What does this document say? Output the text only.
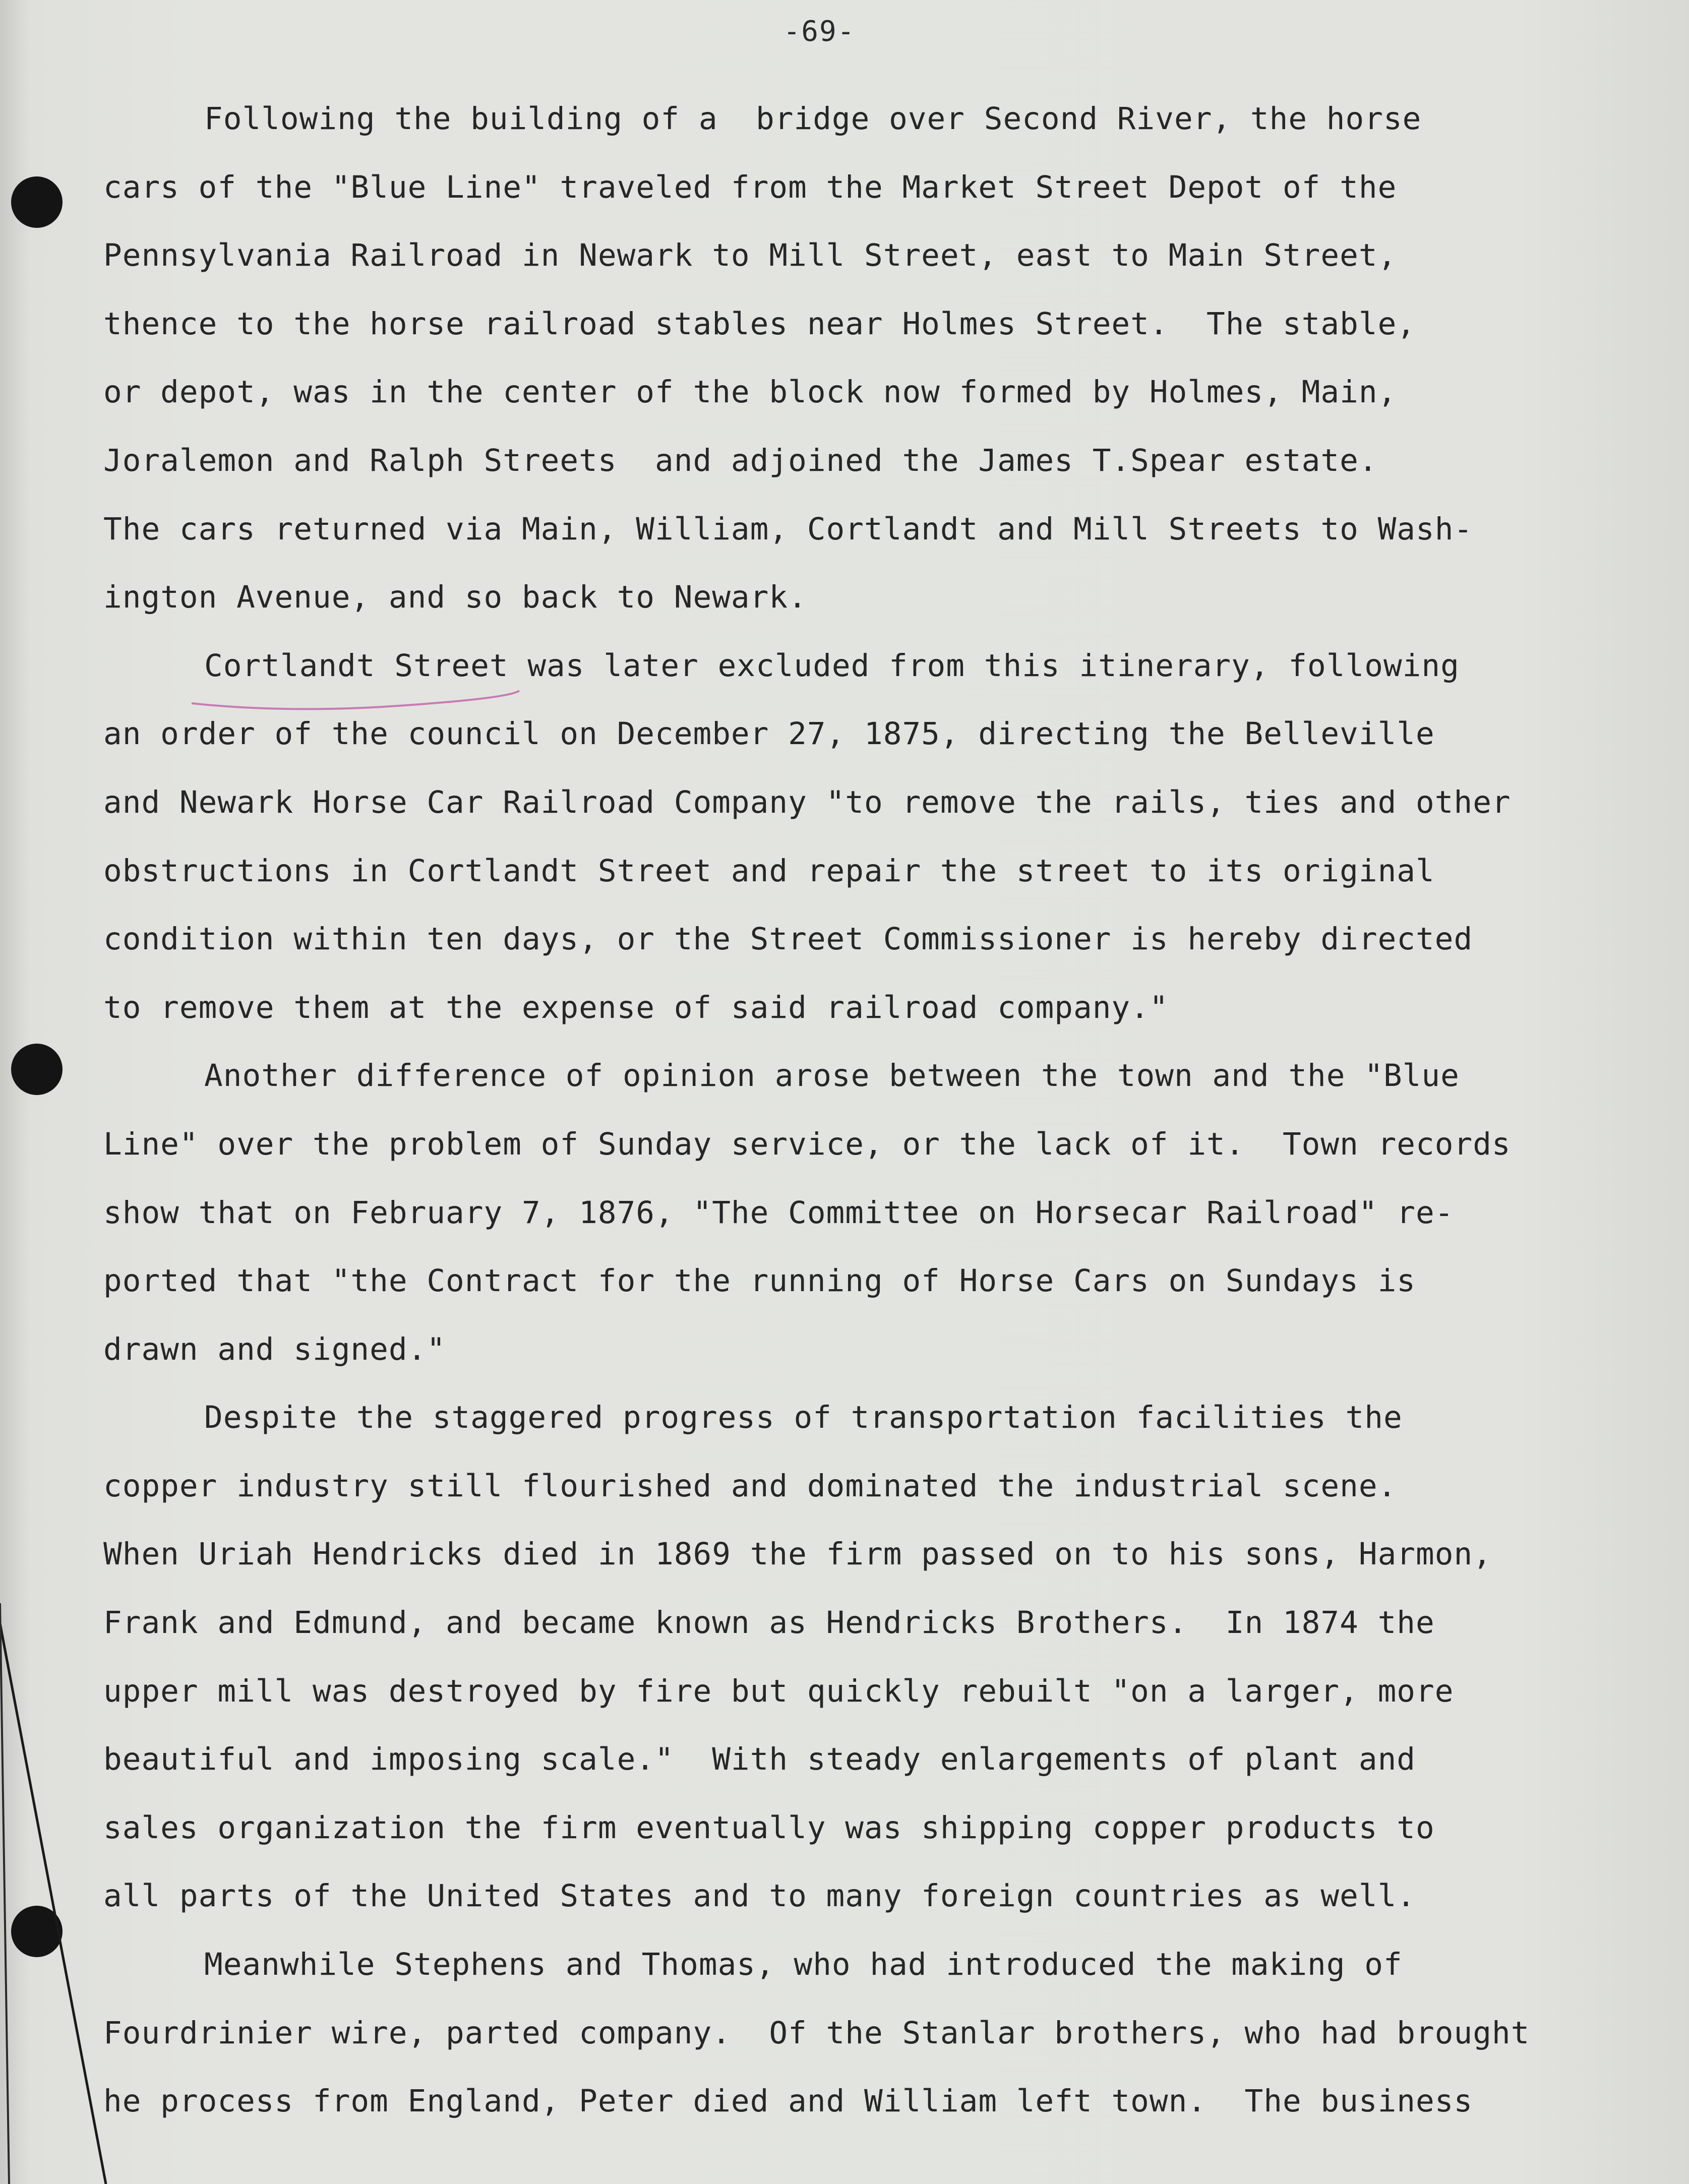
-69-
Following the building of a  bridge over Second River, the horse
cars of the "Blue Line" traveled from the Market Street Depot of the
Pennsylvania Railroad in Newark to Mill Street, east to Main Street,
thence to the horse railroad stables near Holmes Street.  The stable,
or depot, was in the center of the block now formed by Holmes, Main,
Joralemon and Ralph Streets  and adjoined the James T.Spear estate.
The cars returned via Main, William, Cortlandt and Mill Streets to Wash-
ington Avenue, and so back to Newark.
Cortlandt Street was later excluded from this itinerary, following
an order of the council on December 27, 1875, directing the Belleville
and Newark Horse Car Railroad Company "to remove the rails, ties and other
obstructions in Cortlandt Street and repair the street to its original
condition within ten days, or the Street Commissioner is hereby directed
to remove them at the expense of said railroad company."
Another difference of opinion arose between the town and the "Blue
Line" over the problem of Sunday service, or the lack of it.  Town records
show that on February 7, 1876, "The Committee on Horsecar Railroad" re-
ported that "the Contract for the running of Horse Cars on Sundays is
drawn and signed."
Despite the staggered progress of transportation facilities the
copper industry still flourished and dominated the industrial scene.
When Uriah Hendricks died in 1869 the firm passed on to his sons, Harmon,
Frank and Edmund, and became known as Hendricks Brothers.  In 1874 the
upper mill was destroyed by fire but quickly rebuilt "on a larger, more
beautiful and imposing scale."  With steady enlargements of plant and
sales organization the firm eventually was shipping copper products to
all parts of the United States and to many foreign countries as well.
Meanwhile Stephens and Thomas, who had introduced the making of
Fourdrinier wire, parted company.  Of the Stanlar brothers, who had brought
he process from England, Peter died and William left town.  The business
